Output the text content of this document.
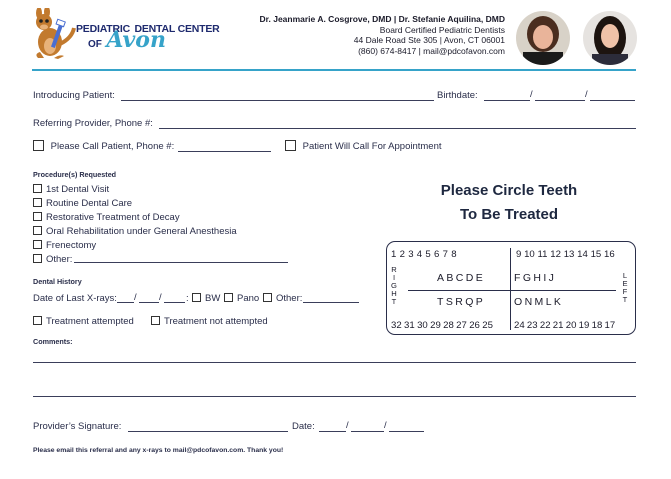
PEDIATRIC DENTAL CENTER
OF Avon
Dr. Jeanmarie A. Cosgrove, DMD | Dr. Stefanie Aquilina, DMD
Board Certified Pediatric Dentists
44 Dale Road Ste 305 | Avon, CT 06001
(860) 674-8417 | mail@pdcofavon.com
Introducing Patient:	Birthdate:	/	/
Referring Provider, Phone #:
Please Call Patient, Phone #:	Patient Will Call For Appointment
Procedure(s) Requested
1st Dental Visit
Routine Dental Care
Restorative Treatment of Decay
Oral Rehabilitation under General Anesthesia
Frenectomy
Other:
Dental History
Date of Last X-rays: / /	:	BW	Pano	Other:
Treatment attempted	Treatment not attempted
Comments:
Provider’s Signature:	Date:	/	/
Please email this referral and any x-rays to mail@pdcofavon.com. Thank you!
Please Circle Teeth
To Be Treated
1 2 3 4 5 6 7 8	9 10 11 12 13 14 15 16
ABCDE	FGHIJ
TSRQP	ONMLK
32 31 30 29 28 27 26 25 24 23 22 21 20 19 18 17
R
I
G
H
T
L
E
F
T
